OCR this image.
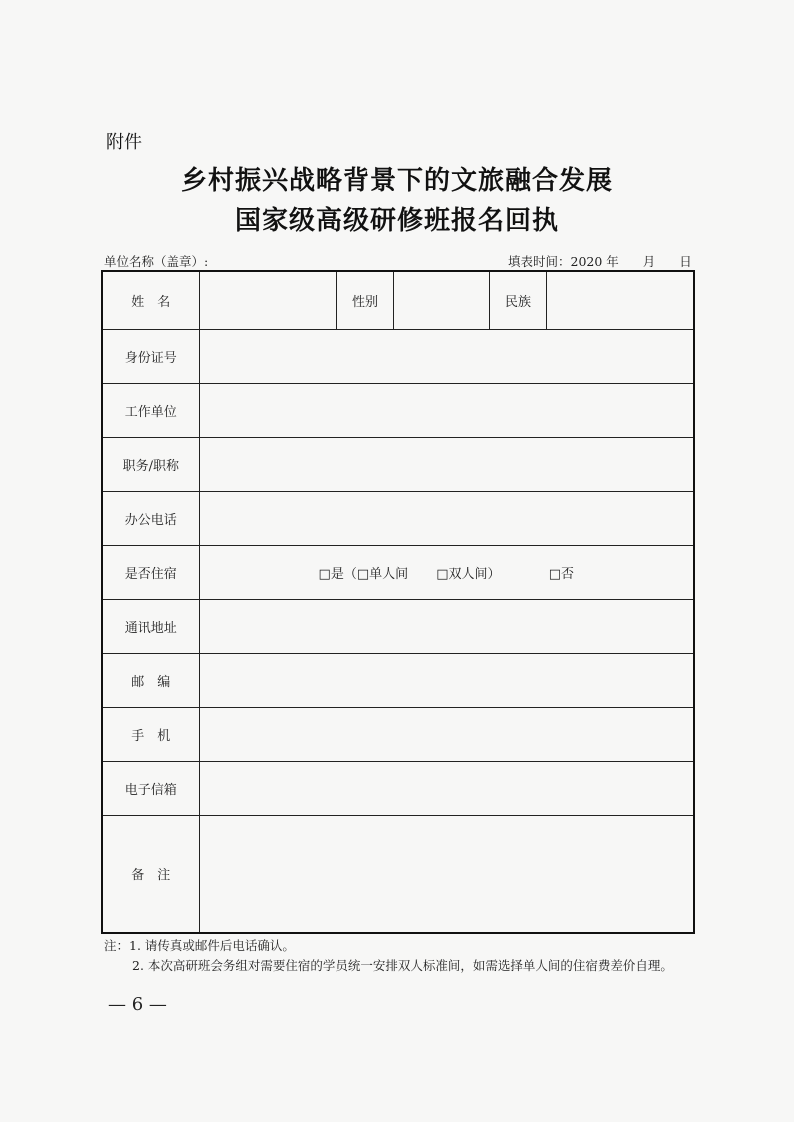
附件
乡村振兴战略背景下的文旅融合发展
国家级高级研修班报名回执
单位名称（盖章）:	填表时间：2020 年 月 日
姓　名		性别		民族	
身份证号					
工作单位					
职务/职称					
办公电话					
是否住宿	□是（□单人间 □双人间） □否				
通讯地址					
邮　编					
手　机					
电子信箱					
备　注					
注：1. 请传真或邮件后电话确认。
2. 本次高研班会务组对需要住宿的学员统一安排双人标准间，如需选择单人间的住宿费差价自理。
— 6 —
